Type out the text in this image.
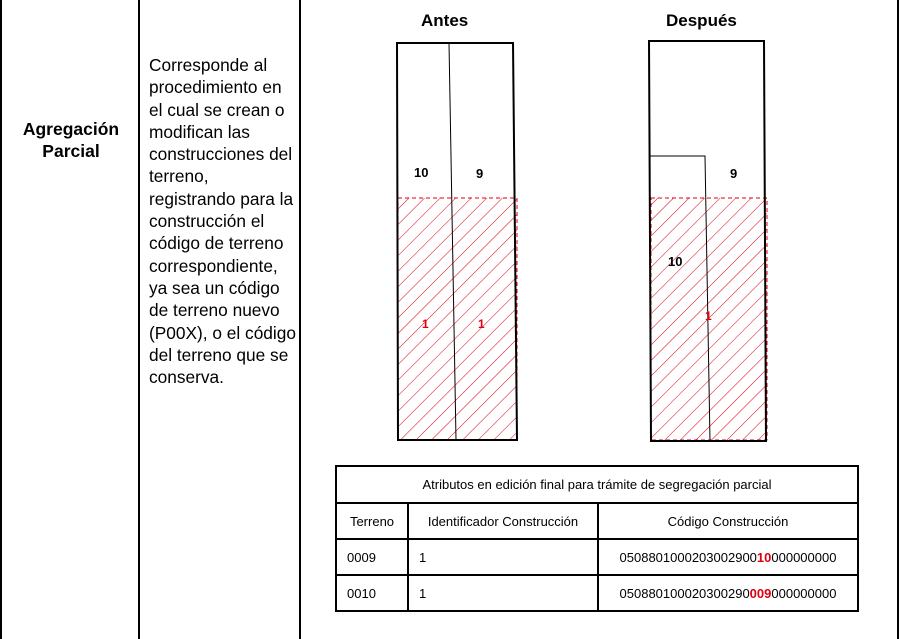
Agregación Parcial
Corresponde al procedimiento en el cual se crean o modifican las construcciones del terreno, registrando para la construcción el código de terreno correspondiente, ya sea un código de terreno nuevo (P00X), o el código del terreno que se conserva.
Antes	Después
10	9
1	1
10
9
1
Atributos en edición final para trámite de segregación parcial		
Terreno	Identificador Construcción	Código Construcción
0009	1	050880100020300290010000000000
0010	1	050880100020300290009000000000
